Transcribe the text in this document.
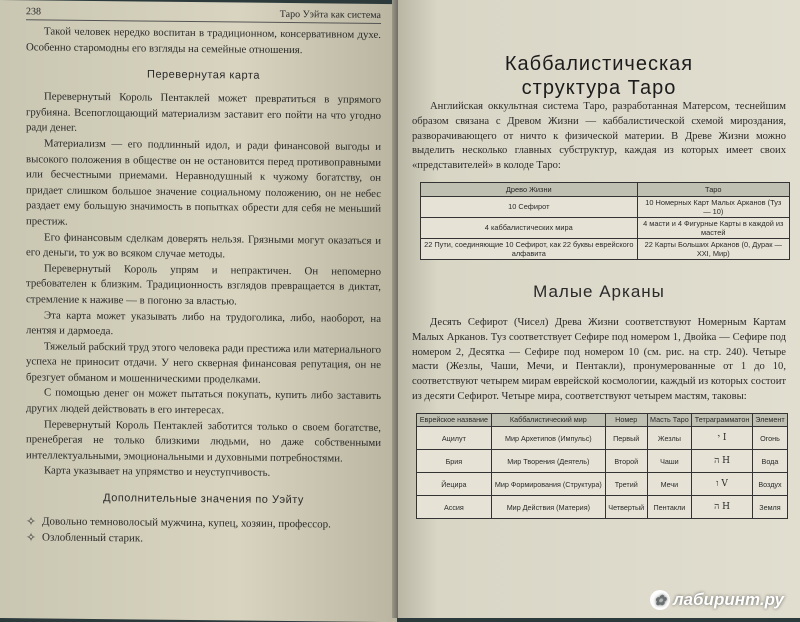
238	Таро Уэйта как система

Такой человек нередко воспитан в традиционном, консервативном духе. Особенно старомодны его взгляды на семейные отношения.

Перевернутая карта

Перевернутый Король Пентаклей может превратиться в упрямого грубияна. Всепоглощающий материализм заставит его пойти на что угодно ради денег.

Материализм — его подлинный идол, и ради финансовой выгоды и высокого положения в обществе он не остановится перед противоправными или бесчестными приемами. Неравнодушный к чужому богатству, он придает слишком большое значение социальному положению, он не небес раздает ему большую значимость в попытках обрести для себя не меньший престиж.

Его финансовым сделкам доверять нельзя. Грязными могут оказаться и его деньги, то уж во всяком случае методы.

Перевернутый Король упрям и непрактичен. Он непомерно требователен к близким. Традиционность взглядов превращается в диктат, стремление к наживе — в погоню за властью.

Эта карта может указывать либо на трудоголика, либо, наоборот, на лентяя и дармоеда.

Тяжелый рабский труд этого человека ради престижа или материального успеха не приносит отдачи. У него скверная финансовая репутация, он не брезгует обманом и мошенническими проделками.

С помощью денег он может пытаться покупать, купить либо заставить других людей действовать в его интересах.

Перевернутый Король Пентаклей заботится только о своем богатстве, пренебрегая не только близкими людьми, но даже собственными интеллектуальными, эмоциональными и духовными потребностями.

Карта указывает на упрямство и неуступчивость.

Дополнительные значения по Уэйту
✧ Довольно темноволосый мужчина, купец, хозяин, профессор.
✧ Озлобленный старик.
Каббалистическая
структура Таро

Английская оккультная система Таро, разработанная Матерсом, теснейшим образом связана с Древом Жизни — каббалистической схемой мироздания, разворачивающего от ничто к физической материи. В Древе Жизни можно выделить несколько главных субструктур, каждая из которых имеет своих «представителей» в колоде Таро:

Древо Жизни	Таро
10 Сефирот	10 Номерных Карт Малых Арканов (Туз — 10)
4 каббалистических мира	4 масти и 4 Фигурные Карты в каждой из мастей
22 Пути, соединяющие 10 Сефирот, как 22 буквы еврейского алфавита	22 Карты Больших Арканов (0, Дурак — XXI, Мир)
Малые Арканы

Десять Сефирот (Чисел) Древа Жизни соответствуют Номерным Картам Малых Арканов. Туз соответствует Сефире под номером 1, Двойка — Сефире под номером 2, Десятка — Сефире под номером 10 (см. рис. на стр. 240). Четыре масти (Жезлы, Чаши, Мечи, и Пентакли), пронумерованные от 1 до 10, соответствуют четырем мирам еврейской космологии, каждый из которых состоит из десяти Сефирот. Четыре мира, соответствуют четырем мастям, таковы:

Еврейское название	Каббалистический мир	Номер	Масть Таро	Тетраграмматон	Элемент
Ацилут	Мир Архетипов (Импульс)	Первый	Жезлы	י I	Огонь
Брия	Мир Творения (Деятель)	Второй	Чаши	ה H	Вода
Йецира	Мир Формирования (Структура)	Третий	Мечи	ו V	Воздух
Ассия	Мир Действия (Материя)	Четвертый	Пентакли	ה H	Земля
✿ лабиринт.ру
